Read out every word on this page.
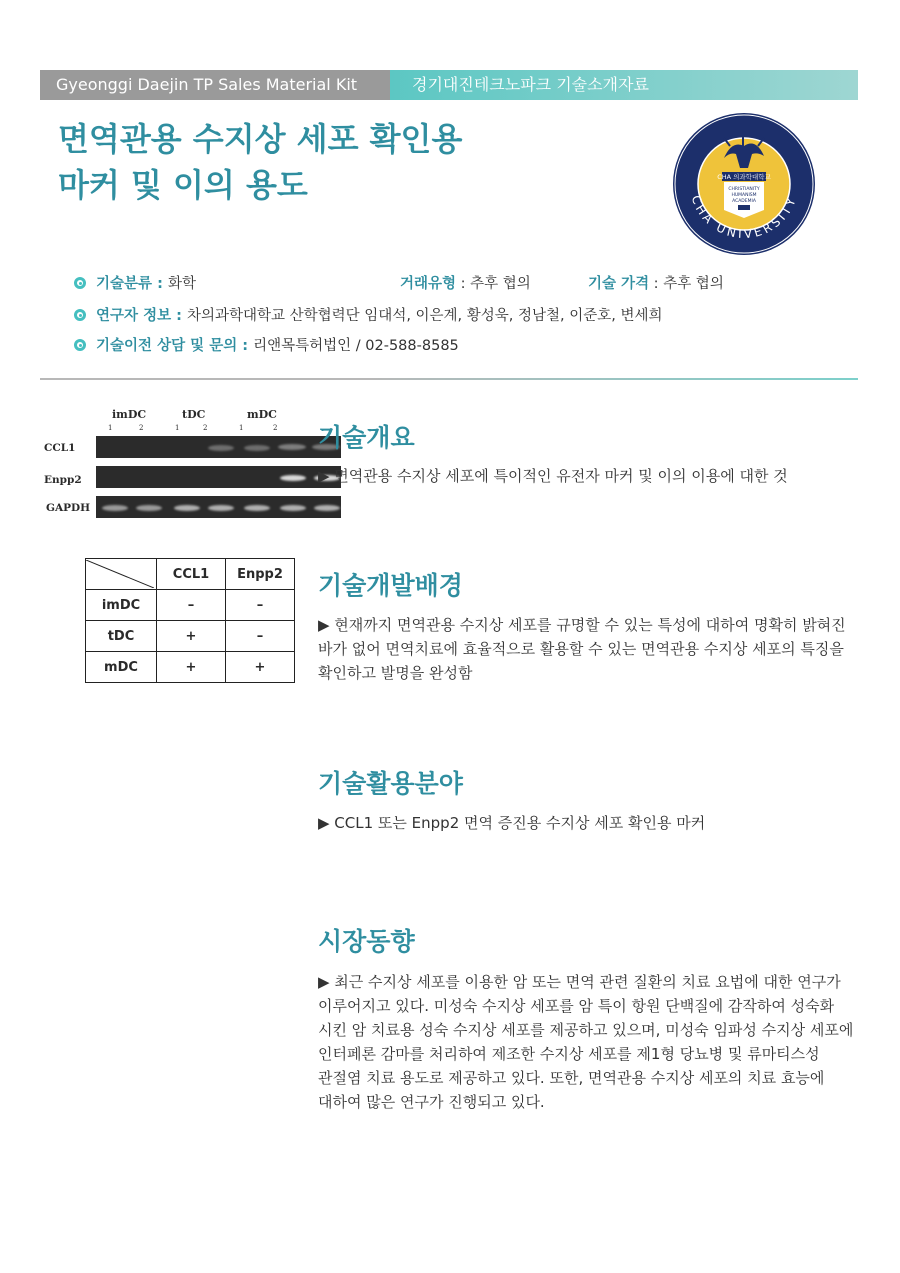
Gyeonggi Daejin TP Sales Material Kit	경기대진테크노파크 기술소개자료
면역관용 수지상 세포 확인용
마커 및 이의 용도	CHA 의과학대학교
CHRISTIANITY
HUMANISM
ACADEMIA
CHA UNIVERSITY
기술분류 : 화학	거래유형 : 추후 협의	기술 가격 : 추후 협의
연구자 정보 : 차의과학대학교 산학협력단 임대석, 이은계, 황성욱, 정남철, 이준호, 변세희
기술이전 상담 및 문의 : 리앤목특허법인 / 02-588-8585
imDC	tDC	mDC
1	2	1	2	1	2
CCL1
Enpp2
GAPDH
	CCL1	Enpp2
imDC	–	–
tDC	+	–
mDC	+	+
기술개요
▶ 면역관용 수지상 세포에 특이적인 유전자 마커 및 이의 이용에 대한 것
기술개발배경
▶ 현재까지 면역관용 수지상 세포를 규명할 수 있는 특성에 대하여 명확히 밝혀진
바가 없어 면역치료에 효율적으로 활용할 수 있는 면역관용 수지상 세포의 특징을
확인하고 발명을 완성함
기술활용분야
▶ CCL1 또는 Enpp2 면역 증진용 수지상 세포 확인용 마커
시장동향
▶ 최근 수지상 세포를 이용한 암 또는 면역 관련 질환의 치료 요법에 대한 연구가
이루어지고 있다. 미성숙 수지상 세포를 암 특이 항원 단백질에 감작하여 성숙화
시킨 암 치료용 성숙 수지상 세포를 제공하고 있으며, 미성숙 임파성 수지상 세포에
인터페론 감마를 처리하여 제조한 수지상 세포를 제1형 당뇨병 및 류마티스성
관절염 치료 용도로 제공하고 있다. 또한, 면역관용 수지상 세포의 치료 효능에
대하여 많은 연구가 진행되고 있다.
